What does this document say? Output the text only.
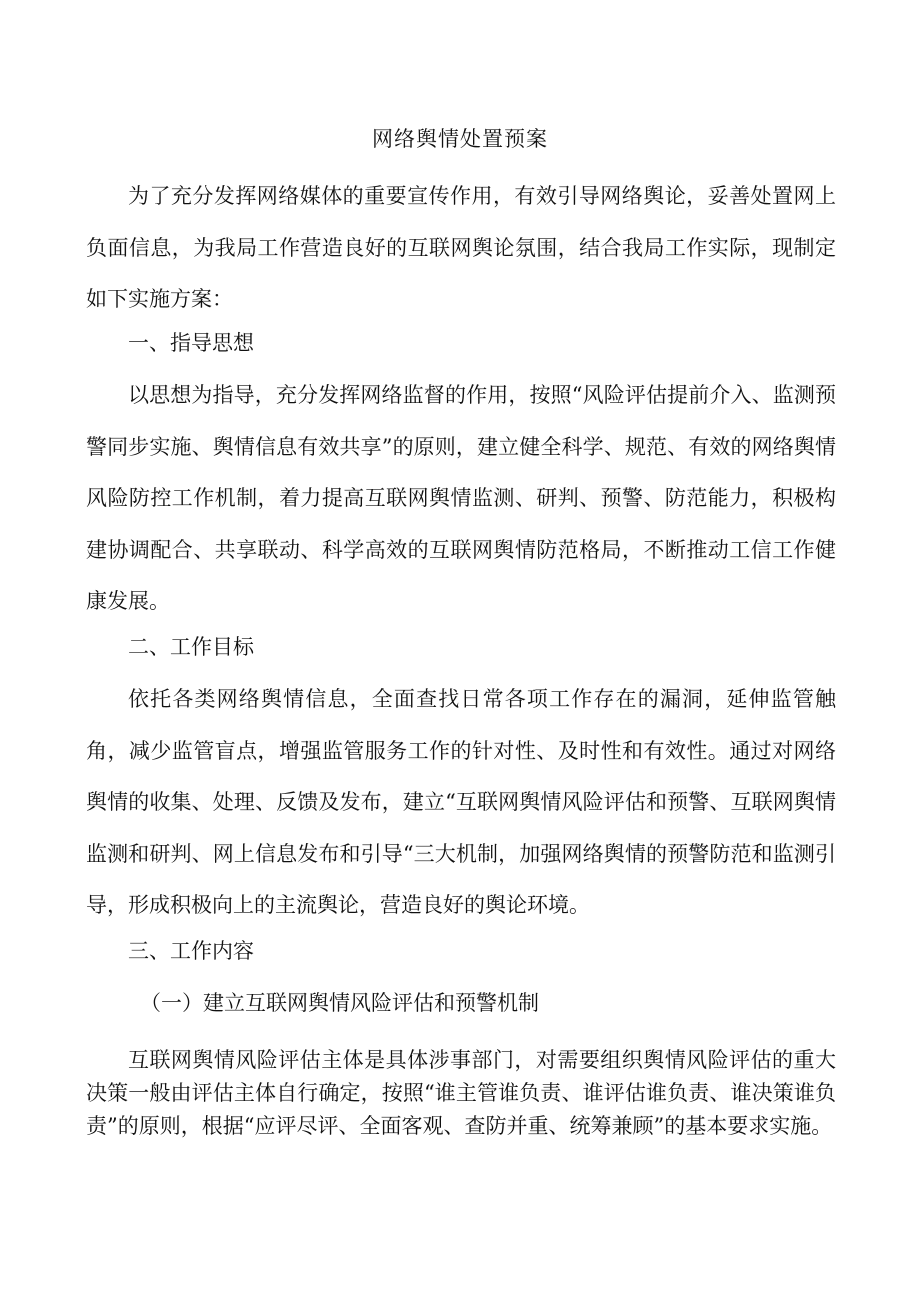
网络舆情处置预案

为了充分发挥网络媒体的重要宣传作用，有效引导网络舆论，妥善处置网上负面信息，为我局工作营造良好的互联网舆论氛围，结合我局工作实际，现制定如下实施方案：

一、指导思想

以思想为指导，充分发挥网络监督的作用，按照“风险评估提前介入、监测预警同步实施、舆情信息有效共享”的原则，建立健全科学、规范、有效的网络舆情风险防控工作机制，着力提高互联网舆情监测、研判、预警、防范能力，积极构建协调配合、共享联动、科学高效的互联网舆情防范格局，不断推动工信工作健康发展。

二、工作目标

依托各类网络舆情信息，全面查找日常各项工作存在的漏洞，延伸监管触角，减少监管盲点，增强监管服务工作的针对性、及时性和有效性。通过对网络舆情的收集、处理、反馈及发布，建立“互联网舆情风险评估和预警、互联网舆情监测和研判、网上信息发布和引导“三大机制，加强网络舆情的预警防范和监测引导，形成积极向上的主流舆论，营造良好的舆论环境。

三、工作内容

（一）建立互联网舆情风险评估和预警机制

互联网舆情风险评估主体是具体涉事部门，对需要组织舆情风险评估的重大决策一般由评估主体自行确定，按照“谁主管谁负责、谁评估谁负责、谁决策谁负责”的原则，根据“应评尽评、全面客观、查防并重、统筹兼顾”的基本要求实施。
